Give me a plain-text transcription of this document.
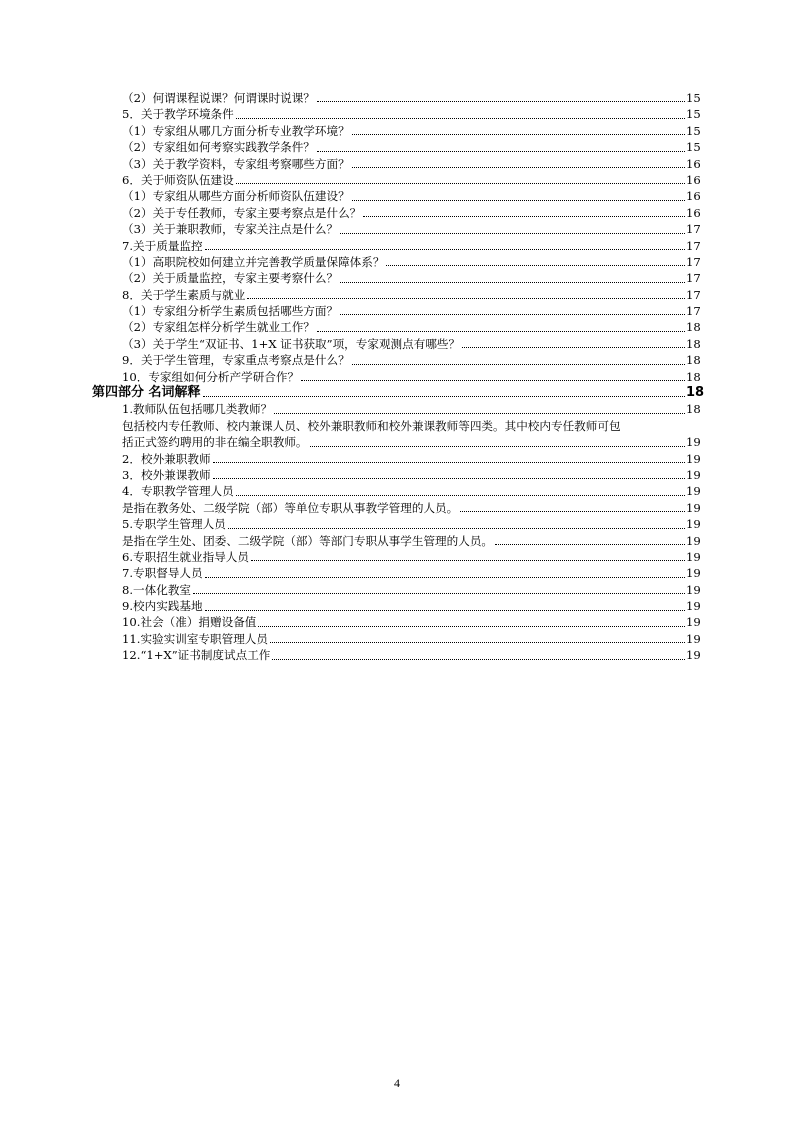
（2）何谓课程说课？何谓课时说课？	15
5．关于教学环境条件	15
（1）专家组从哪几方面分析专业教学环境？	15
（2）专家组如何考察实践教学条件？	15
（3）关于教学资料，专家组考察哪些方面？	16
6．关于师资队伍建设	16
（1）专家组从哪些方面分析师资队伍建设？	16
（2）关于专任教师，专家主要考察点是什么？	16
（3）关于兼职教师，专家关注点是什么？	17
7.关于质量监控	17
（1）高职院校如何建立并完善教学质量保障体系？	17
（2）关于质量监控，专家主要考察什么？	17
8．关于学生素质与就业	17
（1）专家组分析学生素质包括哪些方面？	17
（2）专家组怎样分析学生就业工作？	18
（3）关于学生“双证书、1+X 证书获取”项，专家观测点有哪些？	18
9．关于学生管理，专家重点考察点是什么？	18
10．专家组如何分析产学研合作？	18
第四部分 名词解释	18
1.教师队伍包括哪几类教师？	18
包括校内专任教师、校内兼课人员、校外兼职教师和校外兼课教师等四类。其中校内专任教师可包
括正式签约聘用的非在编全职教师。	19
2．校外兼职教师	19
3．校外兼课教师	19
4．专职教学管理人员	19
是指在教务处、二级学院（部）等单位专职从事教学管理的人员。	19
5.专职学生管理人员	19
是指在学生处、团委、二级学院（部）等部门专职从事学生管理的人员。	19
6.专职招生就业指导人员	19
7.专职督导人员	19
8.一体化教室	19
9.校内实践基地	19
10.社会（准）捐赠设备值	19
11.实验实训室专职管理人员	19
12.“1+X”证书制度试点工作	19
4
